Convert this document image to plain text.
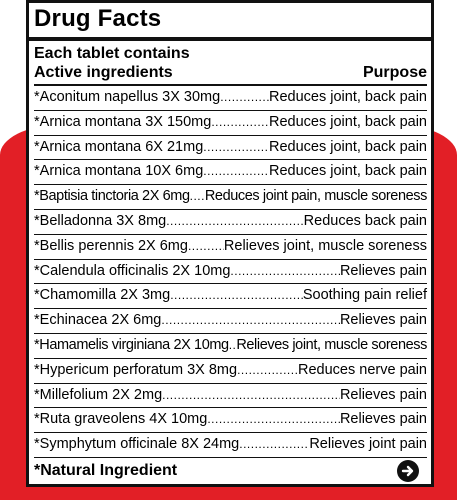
Drug Facts
Each tablet contains
Active ingredients	Purpose
*Aconitum napellus 3X 30mg .....	Reduces joint, back pain
*Arnica montana 3X 150mg .....	Reduces joint, back pain
*Arnica montana 6X 21mg .....	Reduces joint, back pain
*Arnica montana 10X 6mg .....	Reduces joint, back pain
*Baptisia tinctoria 2X 6mg ..... Reduces joint pain, muscle soreness
*Belladonna 3X 8mg .....	Reduces back pain
*Bellis perennis 2X 6mg ..... Relieves joint, muscle soreness
*Calendula officinalis 2X 10mg .....	Relieves pain
*Chamomilla 2X 3mg .....	Soothing pain relief
*Echinacea 2X 6mg .....	Relieves pain
*Hamamelis virginiana 2X 10mg ..... Relieves joint, muscle soreness
*Hypericum perforatum 3X 8mg .....	Reduces nerve pain
*Millefolium 2X 2mg .....	Relieves pain
*Ruta graveolens 4X 10mg .....	Relieves pain
*Symphytum officinale 8X 24mg .....	Relieves joint pain
*Natural Ingredient
